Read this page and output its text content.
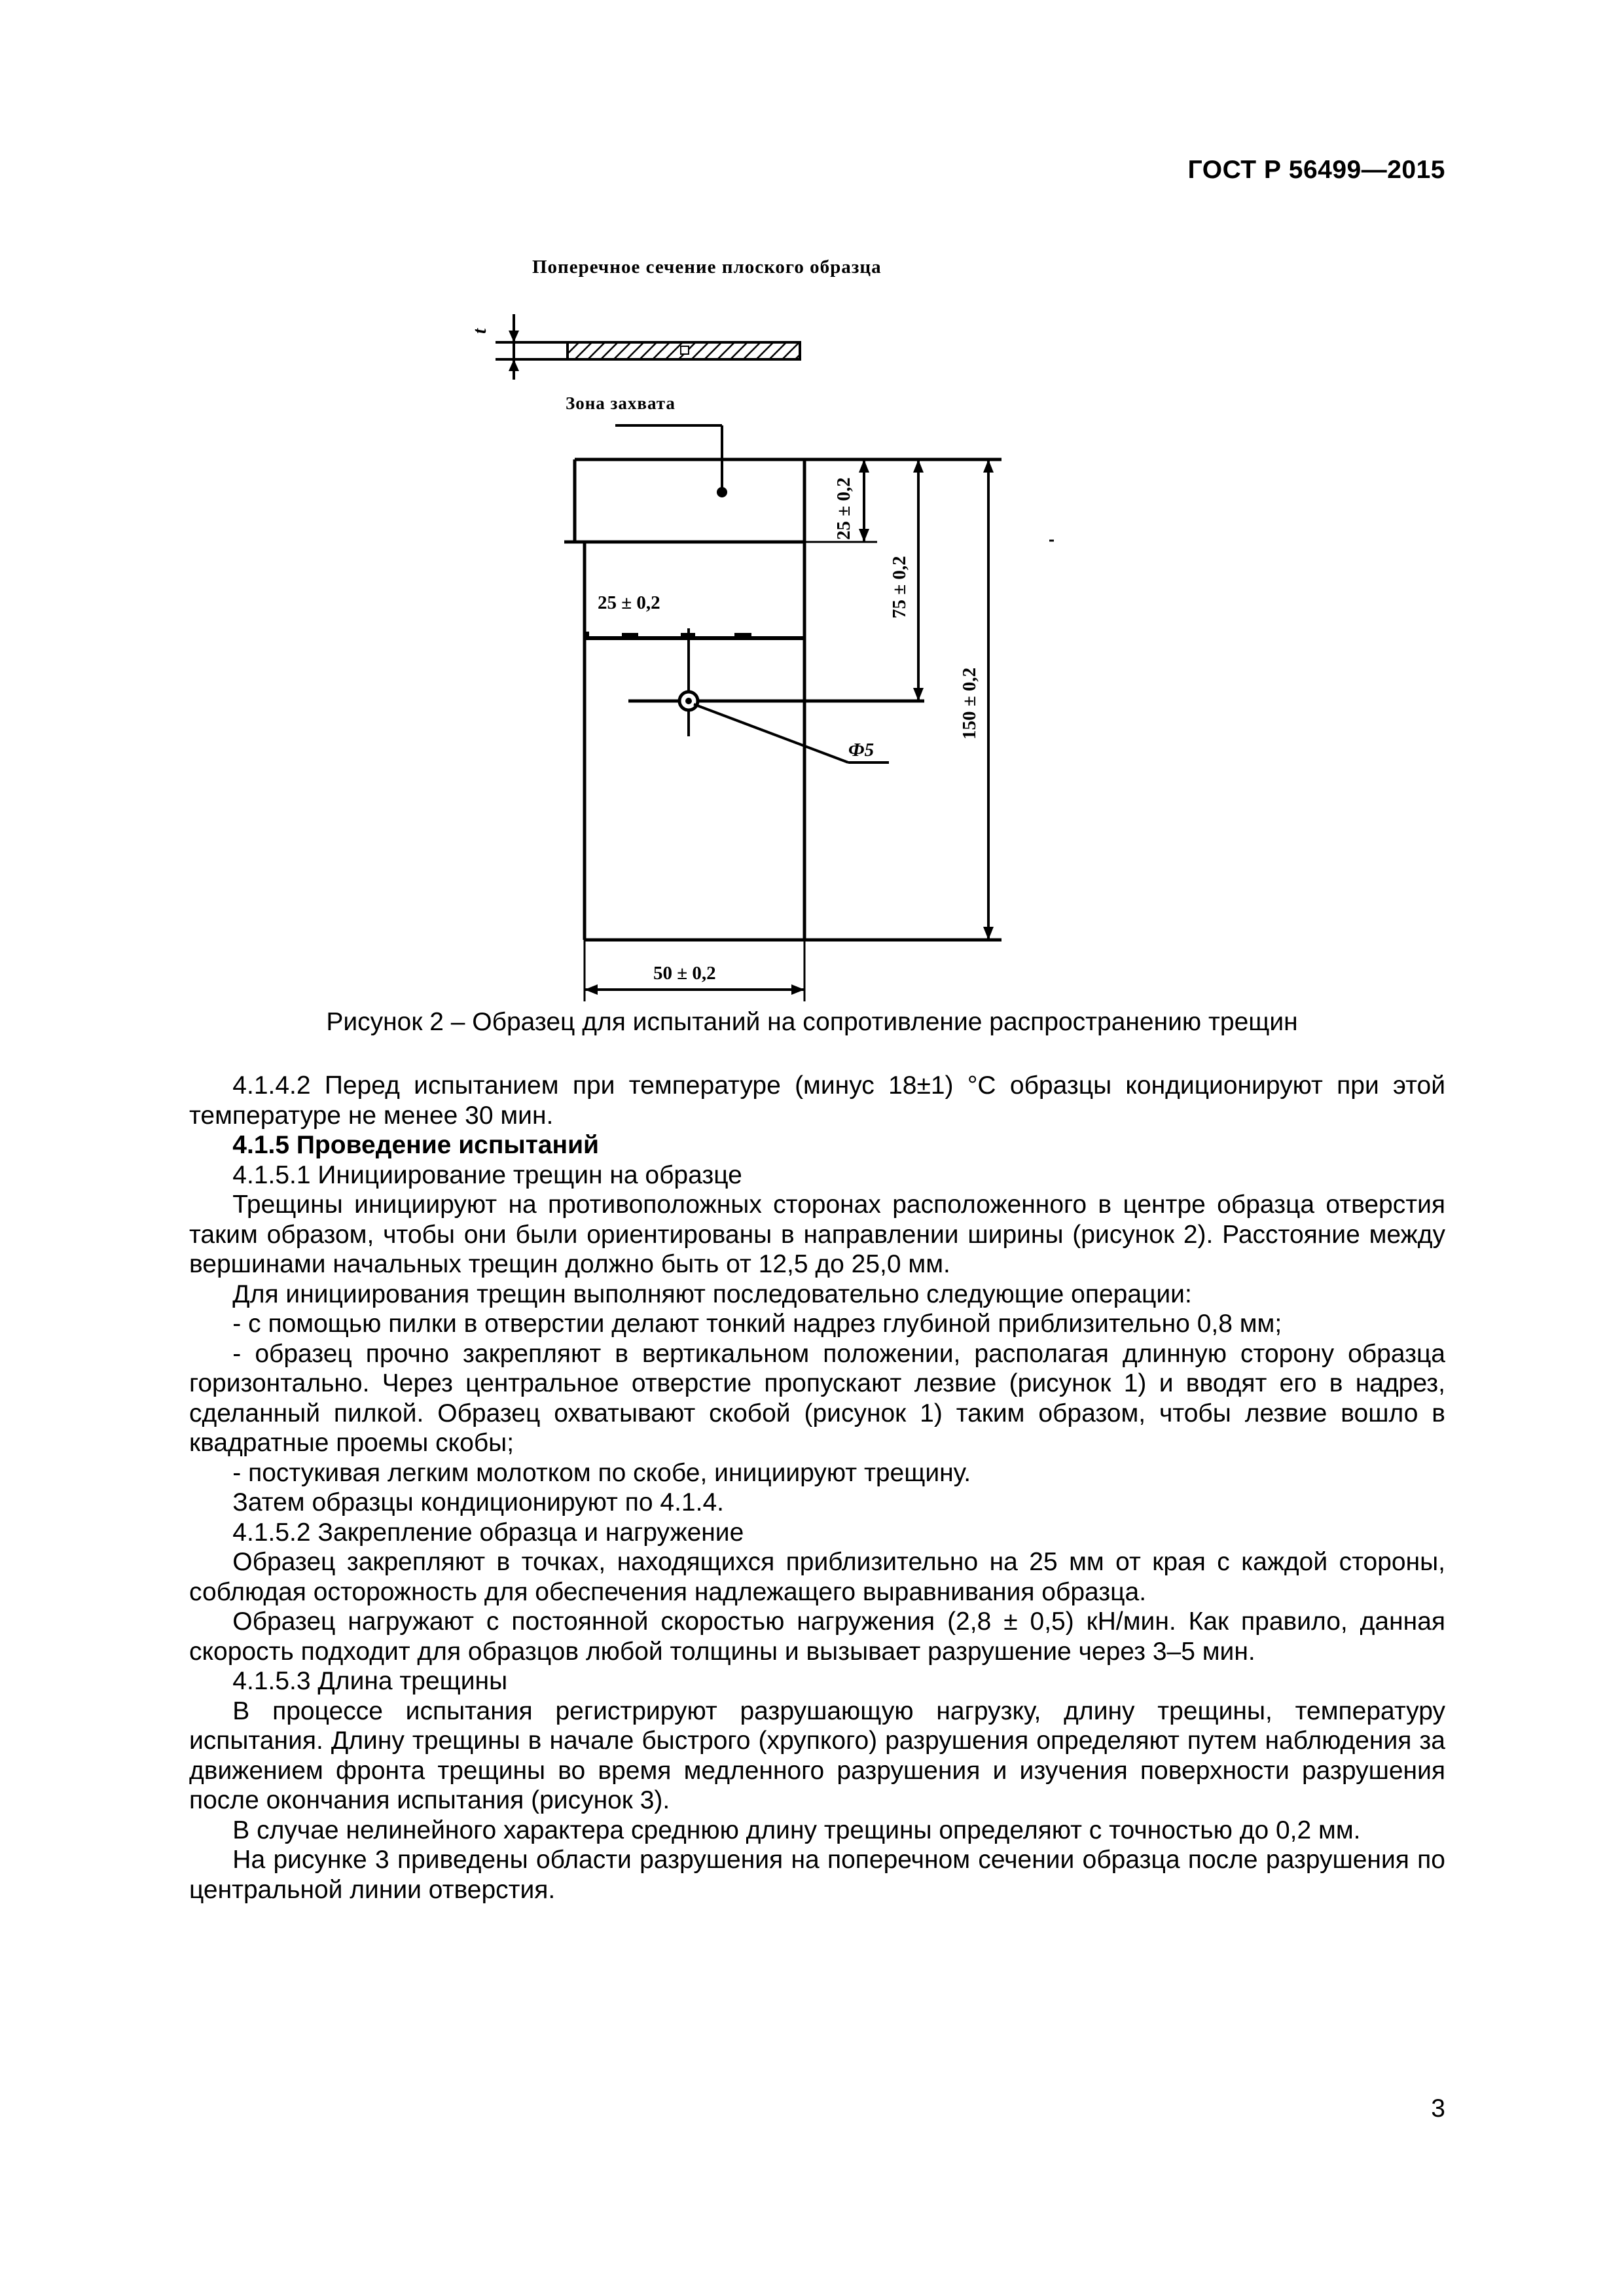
ГОСТ Р 56499—2015
Поперечное сечение плоского образца
Зона захвата
t
25 ± 0,2
Ф5
25 ± 0,2
75 ± 0,2
150 ± 0,2
50 ± 0,2

Рисунок 2 – Образец для испытаний на сопротивление распространению трещин

4.1.4.2 Перед испытанием при температуре (минус 18±1) °С образцы кондиционируют при этой температуре не менее 30 мин.

4.1.5 Проведение испытаний

4.1.5.1 Инициирование трещин на образце

Трещины инициируют на противоположных сторонах расположенного в центре образца отверстия таким образом, чтобы они были ориентированы в направлении ширины (рисунок 2). Расстояние между вершинами начальных трещин должно быть от 12,5 до 25,0 мм.

Для инициирования трещин выполняют последовательно следующие операции:

- с помощью пилки в отверстии делают тонкий надрез глубиной приблизительно 0,8 мм;

- образец прочно закрепляют в вертикальном положении, располагая длинную сторону образца горизонтально. Через центральное отверстие пропускают лезвие (рисунок 1) и вводят его в надрез, сделанный пилкой. Образец охватывают скобой (рисунок 1) таким образом, чтобы лезвие вошло в квадратные проемы скобы;

- постукивая легким молотком по скобе, инициируют трещину.

Затем образцы кондиционируют по 4.1.4.

4.1.5.2 Закрепление образца и нагружение

Образец закрепляют в точках, находящихся приблизительно на 25 мм от края с каждой стороны, соблюдая осторожность для обеспечения надлежащего выравнивания образца.

Образец нагружают с постоянной скоростью нагружения (2,8 ± 0,5) кН/мин. Как правило, данная скорость подходит для образцов любой толщины и вызывает разрушение через 3–5 мин.

4.1.5.3 Длина трещины

В процессе испытания регистрируют разрушающую нагрузку, длину трещины, температуру испытания. Длину трещины в начале быстрого (хрупкого) разрушения определяют путем наблюдения за движением фронта трещины во время медленного разрушения и изучения поверхности разрушения после окончания испытания (рисунок 3).

В случае нелинейного характера среднюю длину трещины определяют с точностью до 0,2 мм.

На рисунке 3 приведены области разрушения на поперечном сечении образца после разрушения по центральной линии отверстия.

3
